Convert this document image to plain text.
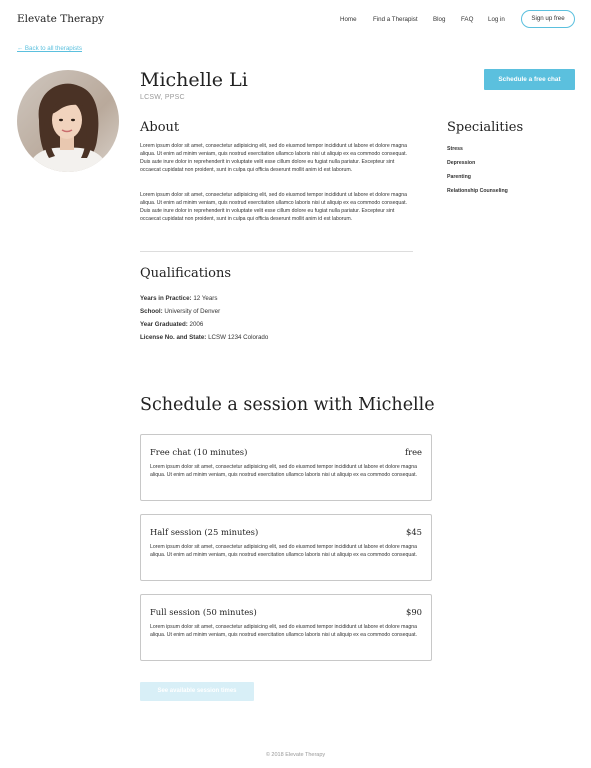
Elevate Therapy	Home	Find a Therapist Blog	FAQ Log in	Sign up free
← Back to all therapists
Michelle Li
LCSW, PPSC
Schedule a free chat
About
Lorem ipsum dolor sit amet, consectetur adipisicing elit, sed do eiusmod tempor incididunt ut labore et dolore magna aliqua. Ut enim ad minim veniam, quis nostrud exercitation ullamco laboris nisi ut aliquip ex ea commodo consequat. Duis aute irure dolor in reprehenderit in voluptate velit esse cillum dolore eu fugiat nulla pariatur. Excepteur sint occaecat cupidatat non proident, sunt in culpa qui officia deserunt mollit anim id est laborum.
Lorem ipsum dolor sit amet, consectetur adipisicing elit, sed do eiusmod tempor incididunt ut labore et dolore magna aliqua. Ut enim ad minim veniam, quis nostrud exercitation ullamco laboris nisi ut aliquip ex ea commodo consequat. Duis aute irure dolor in reprehenderit in voluptate velit esse cillum dolore eu fugiat nulla pariatur. Excepteur sint occaecat cupidatat non proident, sunt in culpa qui officia deserunt mollit anim id est laborum.
Specialities
Stress
Depression
Parenting
Relationship Counseling
Qualifications
Years in Practice: 12 Years
School: University of Denver
Year Graduated: 2006
License No. and State: LCSW 1234 Colorado
Schedule a session with Michelle
Free chat (10 minutes)	free
Lorem ipsum dolor sit amet, consectetur adipisicing elit, sed do eiusmod tempor incididunt ut labore et dolore magna aliqua. Ut enim ad minim veniam, quis nostrud exercitation ullamco laboris nisi ut aliquip ex ea commodo consequat.
Half session (25 minutes)	$45
Lorem ipsum dolor sit amet, consectetur adipisicing elit, sed do eiusmod tempor incididunt ut labore et dolore magna aliqua. Ut enim ad minim veniam, quis nostrud exercitation ullamco laboris nisi ut aliquip ex ea commodo consequat.
Full session (50 minutes)	$90
Lorem ipsum dolor sit amet, consectetur adipisicing elit, sed do eiusmod tempor incididunt ut labore et dolore magna aliqua. Ut enim ad minim veniam, quis nostrud exercitation ullamco laboris nisi ut aliquip ex ea commodo consequat.
See available session times
© 2018 Elevate Therapy
